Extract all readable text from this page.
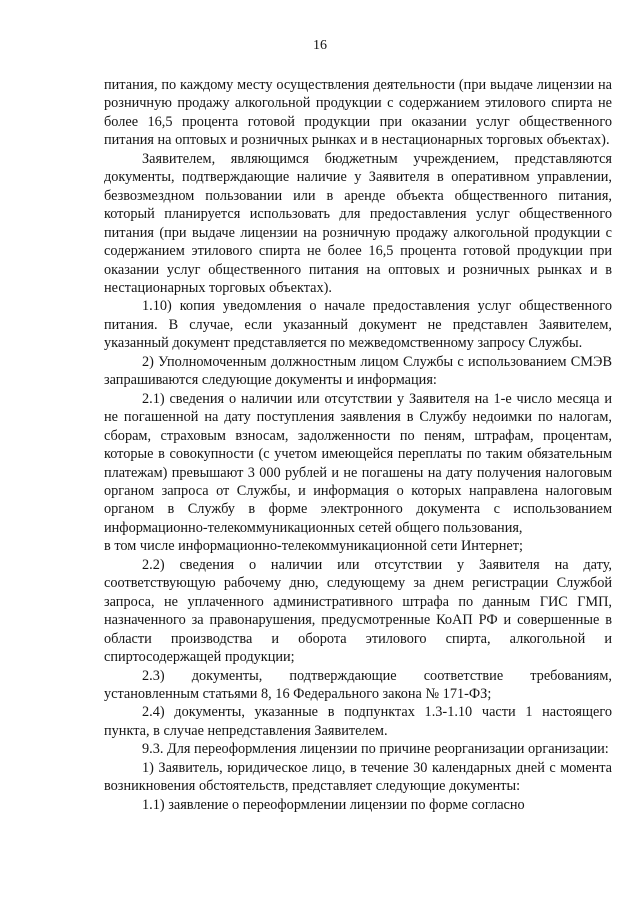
16

питания, по каждому месту осуществления деятельности (при выдаче лицензии на розничную продажу алкогольной продукции с содержанием этилового спирта не более 16,5 процента готовой продукции при оказании услуг общественного питания на оптовых и розничных рынках и в нестационарных торговых объектах).

Заявителем, являющимся бюджетным учреждением, представляются документы, подтверждающие наличие у Заявителя в оперативном управлении, безвозмездном пользовании или в аренде объекта общественного питания, который планируется использовать для предоставления услуг общественного питания (при выдаче лицензии на розничную продажу алкогольной продукции с содержанием этилового спирта не более 16,5 процента готовой продукции при оказании услуг общественного питания на оптовых и розничных рынках и в нестационарных торговых объектах).

1.10) копия уведомления о начале предоставления услуг общественного питания. В случае, если указанный документ не представлен Заявителем, указанный документ представляется по межведомственному запросу Службы.

2) Уполномоченным должностным лицом Службы с использованием СМЭВ запрашиваются следующие документы и информация:

2.1) сведения о наличии или отсутствии у Заявителя на 1-е число месяца и не погашенной на дату поступления заявления в Службу недоимки по налогам, сборам, страховым взносам, задолженности по пеням, штрафам, процентам, которые в совокупности (с учетом имеющейся переплаты по таким обязательным платежам) превышают 3 000 рублей и не погашены на дату получения налоговым органом запроса от Службы, и информация о которых направлена налоговым органом в Службу в форме электронного документа с использованием информационно-телекоммуникационных сетей общего пользования,

в том числе информационно-телекоммуникационной сети Интернет;

2.2) сведения о наличии или отсутствии у Заявителя на дату, соответствующую рабочему дню, следующему за днем регистрации Службой запроса, не уплаченного административного штрафа по данным ГИС ГМП, назначенного за правонарушения, предусмотренные КоАП РФ и совершенные в области производства и оборота этилового спирта, алкогольной и спиртосодержащей продукции;

2.3) документы, подтверждающие соответствие требованиям, установленным статьями 8, 16 Федерального закона № 171-ФЗ;

2.4) документы, указанные в подпунктах 1.3-1.10 части 1 настоящего пункта, в случае непредставления Заявителем.

9.3. Для переоформления лицензии по причине реорганизации организации:

1) Заявитель, юридическое лицо, в течение 30 календарных дней с момента возникновения обстоятельств, представляет следующие документы:

1.1) заявление о переоформлении лицензии по форме согласно
